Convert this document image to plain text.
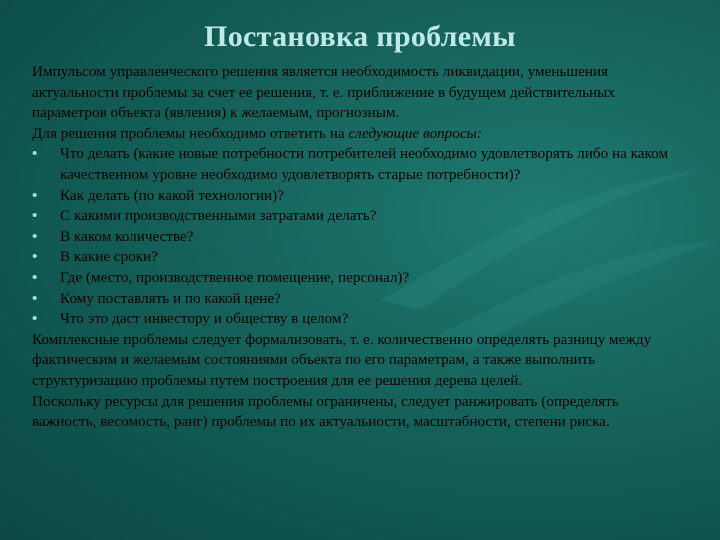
Постановка проблемы

Импульсом управленческого решения является необходимость ликвидации, уменьшения актуальности проблемы за счет ее решения, т. е. приближение в будущем действительных параметров объекта (явления) к желаемым, прогнозным.

Для решения проблемы необходимо ответить на следующие вопросы:

• Что делать (какие новые потребности потребителей необходимо удовлетворять либо на каком качественном уровне необходимо удовлетворять старые потребности)?
• Как делать (по какой технологии)?
• С какими производственными затратами делать?
• В каком количестве?
• В какие сроки?
• Где (место, производственное помещение, персонал)?
• Кому поставлять и по какой цене?
• Что это даст инвестору и обществу в целом?

Комплексные проблемы следует формализовать, т. е. количественно определять разницу между фактическим и желаемым состояниями объекта по его параметрам, а также выполнить структуризацию проблемы путем построения для ее решения дерева целей.

Поскольку ресурсы для решения проблемы ограничены, следует ранжировать (определять важность, весомость, ранг) проблемы по их актуальности, масштабности, степени риска.
